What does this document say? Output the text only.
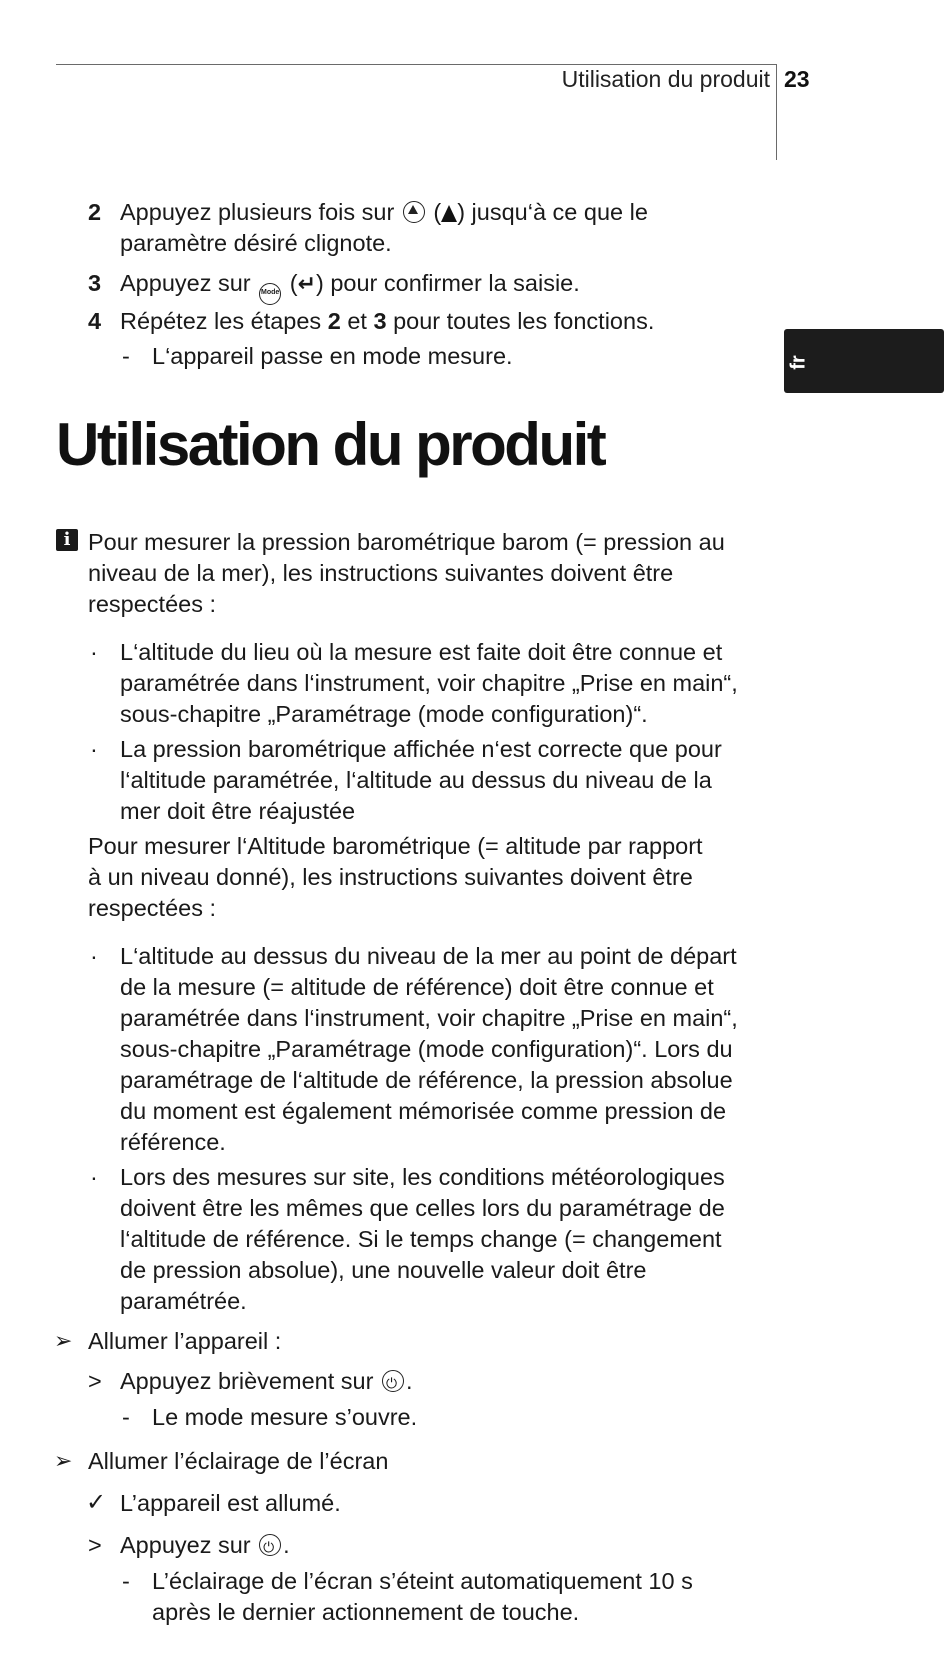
Utilisation du produit 23
fr
2 Appuyez plusieurs fois sur ( ) jusqu‘à ce que le
paramètre désiré clignote.
3 Appuyez sur Mode (↵) pour confirmer la saisie.
4 Répétez les étapes 2 et 3 pour toutes les fonctions.
- L‘appareil passe en mode mesure.
Utilisation du produit
i Pour mesurer la pression barométrique barom (= pression au
niveau de la mer), les instructions suivantes doivent être
respectées :
· L‘altitude du lieu où la mesure est faite doit être connue et
paramétrée dans l‘instrument, voir chapitre „Prise en main“,
sous-chapitre „Paramétrage (mode configuration)“.
· La pression barométrique affichée n‘est correcte que pour
l‘altitude paramétrée, l‘altitude au dessus du niveau de la
mer doit être réajustée
Pour mesurer l‘Altitude barométrique (= altitude par rapport
à un niveau donné), les instructions suivantes doivent être
respectées :
· L‘altitude au dessus du niveau de la mer au point de départ
de la mesure (= altitude de référence) doit être connue et
paramétrée dans l‘instrument, voir chapitre „Prise en main“,
sous-chapitre „Paramétrage (mode configuration)“. Lors du
paramétrage de l‘altitude de référence, la pression absolue
du moment est également mémorisée comme pression de
référence.
· Lors des mesures sur site, les conditions météorologiques
doivent être les mêmes que celles lors du paramétrage de
l‘altitude de référence. Si le temps change (= changement
de pression absolue), une nouvelle valeur doit être
paramétrée.
➢ Allumer l’appareil :
> Appuyez brièvement sur ⏻ .
- Le mode mesure s’ouvre.
➢ Allumer l’éclairage de l’écran
✓ L’appareil est allumé.
> Appuyez sur ⏻ .
- L’éclairage de l’écran s’éteint automatiquement 10 s
après le dernier actionnement de touche.
